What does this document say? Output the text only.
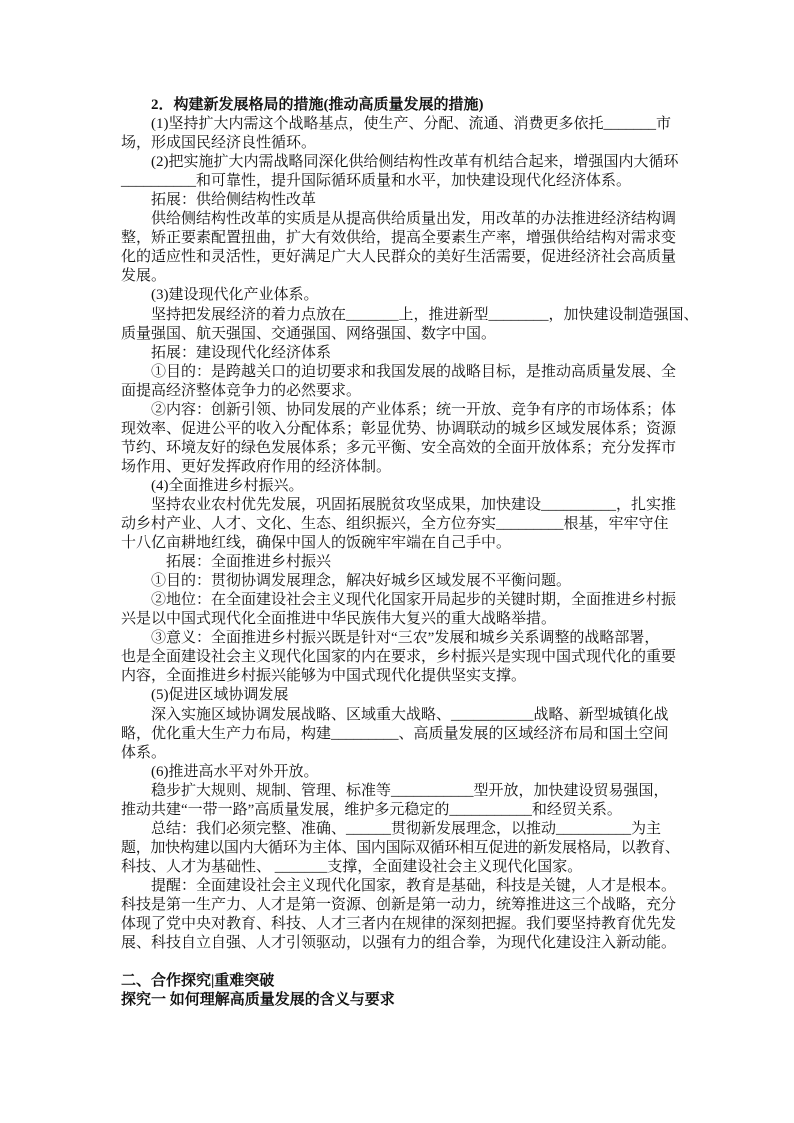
2．构建新发展格局的措施(推动高质量发展的措施)
(1)坚持扩大内需这个战略基点，使生产、分配、流通、消费更多依托_______市
场，形成国民经济良性循环。
(2)把实施扩大内需战略同深化供给侧结构性改革有机结合起来，增强国内大循环
__________和可靠性，提升国际循环质量和水平，加快建设现代化经济体系。
拓展：供给侧结构性改革
供给侧结构性改革的实质是从提高供给质量出发，用改革的办法推进经济结构调
整，矫正要素配置扭曲，扩大有效供给，提高全要素生产率，增强供给结构对需求变
化的适应性和灵活性，更好满足广大人民群众的美好生活需要，促进经济社会高质量
发展。
(3)建设现代化产业体系。
坚持把发展经济的着力点放在_______上，推进新型________，加快建设制造强国、
质量强国、航天强国、交通强国、网络强国、数字中国。
拓展：建设现代化经济体系
①目的：是跨越关口的迫切要求和我国发展的战略目标，是推动高质量发展、全
面提高经济整体竞争力的必然要求。
②内容：创新引领、协同发展的产业体系；统一开放、竞争有序的市场体系；体
现效率、促进公平的收入分配体系；彰显优势、协调联动的城乡区域发展体系；资源
节约、环境友好的绿色发展体系；多元平衡、安全高效的全面开放体系；充分发挥市
场作用、更好发挥政府作用的经济体制。
(4)全面推进乡村振兴。
坚持农业农村优先发展，巩固拓展脱贫攻坚成果，加快建设__________，扎实推
动乡村产业、人才、文化、生态、组织振兴，全方位夯实_________根基，牢牢守住
十八亿亩耕地红线，确保中国人的饭碗牢牢端在自己手中。
拓展：全面推进乡村振兴
①目的：贯彻协调发展理念，解决好城乡区域发展不平衡问题。
②地位：在全面建设社会主义现代化国家开局起步的关键时期，全面推进乡村振
兴是以中国式现代化全面推进中华民族伟大复兴的重大战略举措。
③意义：全面推进乡村振兴既是针对“三农”发展和城乡关系调整的战略部署，
也是全面建设社会主义现代化国家的内在要求，乡村振兴是实现中国式现代化的重要
内容，全面推进乡村振兴能够为中国式现代化提供坚实支撑。
(5)促进区域协调发展
深入实施区域协调发展战略、区域重大战略、___________战略、新型城镇化战
略，优化重大生产力布局，构建_________、高质量发展的区域经济布局和国土空间
体系。
(6)推进高水平对外开放。
稳步扩大规则、规制、管理、标准等___________型开放，加快建设贸易强国，
推动共建“一带一路”高质量发展，维护多元稳定的___________和经贸关系。
总结：我们必须完整、准确、______贯彻新发展理念，以推动__________为主
题，加快构建以国内大循环为主体、国内国际双循环相互促进的新发展格局，以教育、
科技、人才为基础性、 _______支撑，全面建设社会主义现代化国家。
提醒：全面建设社会主义现代化国家，教育是基础，科技是关键，人才是根本。
科技是第一生产力、人才是第一资源、创新是第一动力，统筹推进这三个战略，充分
体现了党中央对教育、科技、人才三者内在规律的深刻把握。我们要坚持教育优先发
展、科技自立自强、人才引领驱动，以强有力的组合拳，为现代化建设注入新动能。
二、合作探究|重难突破
探究一 如何理解高质量发展的含义与要求
